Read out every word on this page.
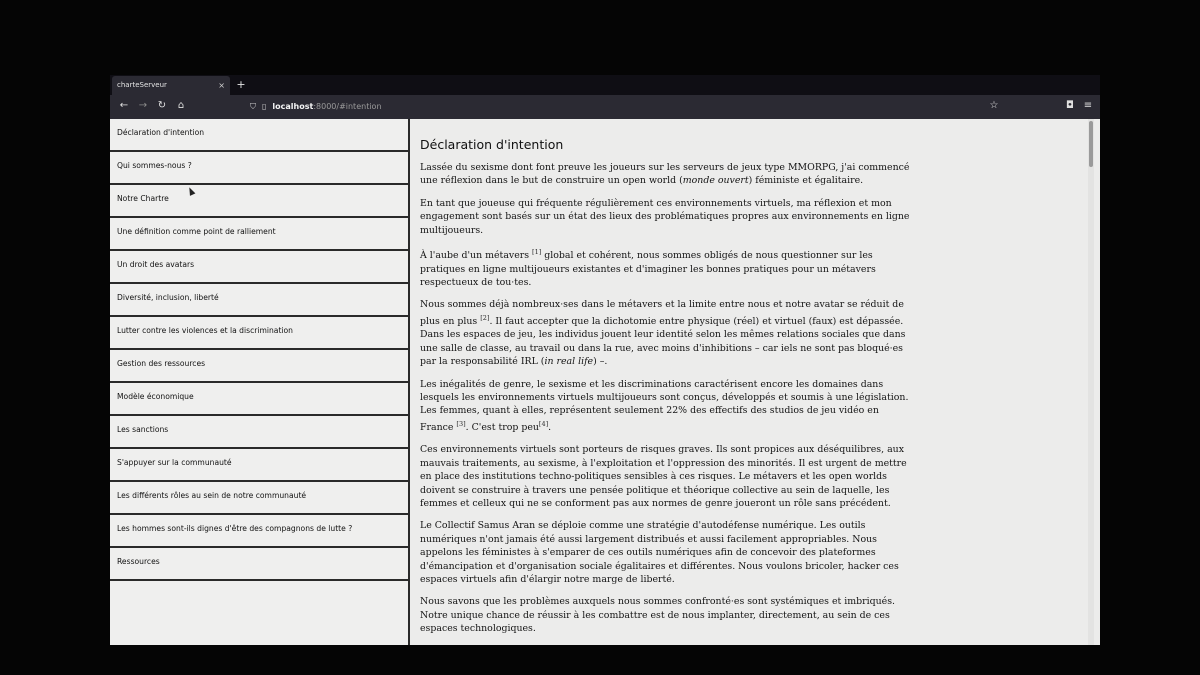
charteServeur	× +
← → ↻	⌂	⛉ ▯ localhost:8000/#intention	☆	◘ ≡
Déclaration d'intention
Qui sommes-nous ?
Notre Chartre
Une définition comme point de ralliement
Un droit des avatars
Diversité, inclusion, liberté
Lutter contre les violences et la discrimination
Gestion des ressources
Modèle économique
Les sanctions
S'appuyer sur la communauté
Les différents rôles au sein de notre communauté
Les hommes sont-ils dignes d'être des compagnons de lutte ?
Ressources
Déclaration d'intention

Lassée du sexisme dont font preuve les joueurs sur les serveurs de jeux type MMORPG, j'ai commencé une réflexion dans le but de construire un open world (monde ouvert) féministe et égalitaire.

En tant que joueuse qui fréquente régulièrement ces environnements virtuels, ma réflexion et mon engagement sont basés sur un état des lieux des problématiques propres aux environnements en ligne multijoueurs.

À l'aube d'un métavers [1] global et cohérent, nous sommes obligés de nous questionner sur les pratiques en ligne multijoueurs existantes et d'imaginer les bonnes pratiques pour un métavers respectueux de tou·tes.

Nous sommes déjà nombreux·ses dans le métavers et la limite entre nous et notre avatar se réduit de plus en plus [2]. Il faut accepter que la dichotomie entre physique (réel) et virtuel (faux) est dépassée. Dans les espaces de jeu, les individus jouent leur identité selon les mêmes relations sociales que dans une salle de classe, au travail ou dans la rue, avec moins d'inhibitions – car iels ne sont pas bloqué·es par la responsabilité IRL (in real life) –.

Les inégalités de genre, le sexisme et les discriminations caractérisent encore les domaines dans lesquels les environnements virtuels multijoueurs sont conçus, développés et soumis à une législation. Les femmes, quant à elles, représentent seulement 22% des effectifs des studios de jeu vidéo en France [3]. C'est trop peu[4].

Ces environnements virtuels sont porteurs de risques graves. Ils sont propices aux déséquilibres, aux mauvais traitements, au sexisme, à l'exploitation et l'oppression des minorités. Il est urgent de mettre en place des institutions techno-politiques sensibles à ces risques. Le métavers et les open worlds doivent se construire à travers une pensée politique et théorique collective au sein de laquelle, les femmes et celleux qui ne se conforment pas aux normes de genre joueront un rôle sans précédent.

Le Collectif Samus Aran se déploie comme une stratégie d'autodéfense numérique. Les outils numériques n'ont jamais été aussi largement distribués et aussi facilement appropriables. Nous appelons les féministes à s'emparer de ces outils numériques afin de concevoir des plateformes d'émancipation et d'organisation sociale égalitaires et différentes. Nous voulons bricoler, hacker ces espaces virtuels afin d'élargir notre marge de liberté.

Nous savons que les problèmes auxquels nous sommes confronté·es sont systémiques et imbriqués. Notre unique chance de réussir à les combattre est de nous implanter, directement, au sein de ces espaces technologiques.
